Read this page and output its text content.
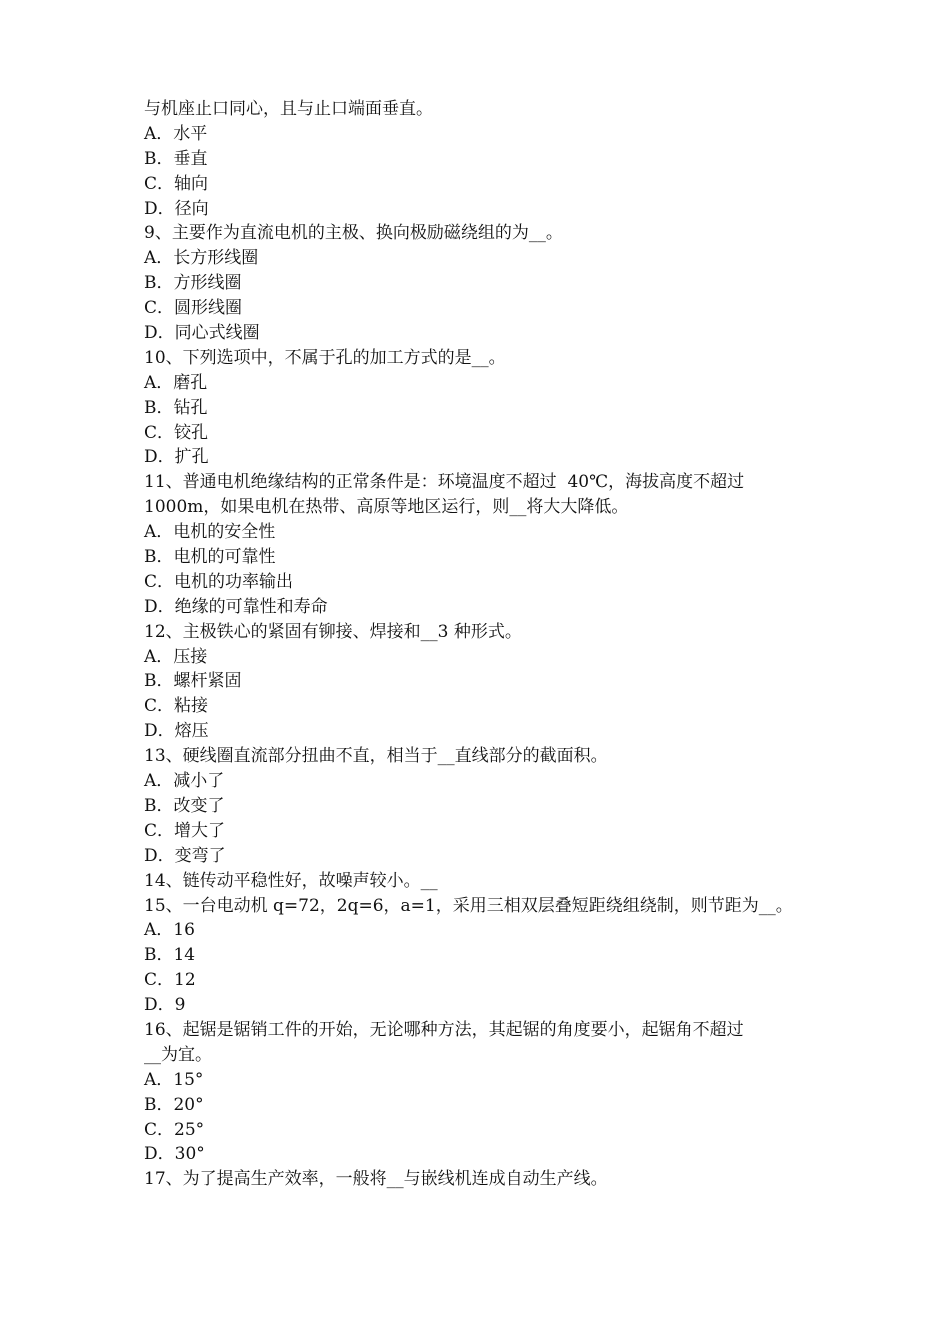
与机座止口同心，且与止口端面垂直。
A．水平
B．垂直
C．轴向
D．径向
9、主要作为直流电机的主极、换向极励磁绕组的为__。
A．长方形线圈
B．方形线圈
C．圆形线圈
D．同心式线圈
10、下列选项中，不属于孔的加工方式的是__。
A．磨孔
B．钻孔
C．铰孔
D．扩孔
11、普通电机绝缘结构的正常条件是：环境温度不超过  40℃，海拔高度不超过
1000m，如果电机在热带、高原等地区运行，则__将大大降低。
A．电机的安全性
B．电机的可靠性
C．电机的功率输出
D．绝缘的可靠性和寿命
12、主极铁心的紧固有铆接、焊接和__3 种形式。
A．压接
B．螺杆紧固
C．粘接
D．熔压
13、硬线圈直流部分扭曲不直，相当于__直线部分的截面积。
A．减小了
B．改变了
C．增大了
D．变弯了
14、链传动平稳性好，故噪声较小。__
15、一台电动机 q=72，2q=6，a=1，采用三相双层叠短距绕组绕制，则节距为__。
A．16
B．14
C．12
D．9
16、起锯是锯销工件的开始，无论哪种方法，其起锯的角度要小，起锯角不超过
__为宜。
A．15°
B．20°
C．25°
D．30°
17、为了提高生产效率，一般将__与嵌线机连成自动生产线。
